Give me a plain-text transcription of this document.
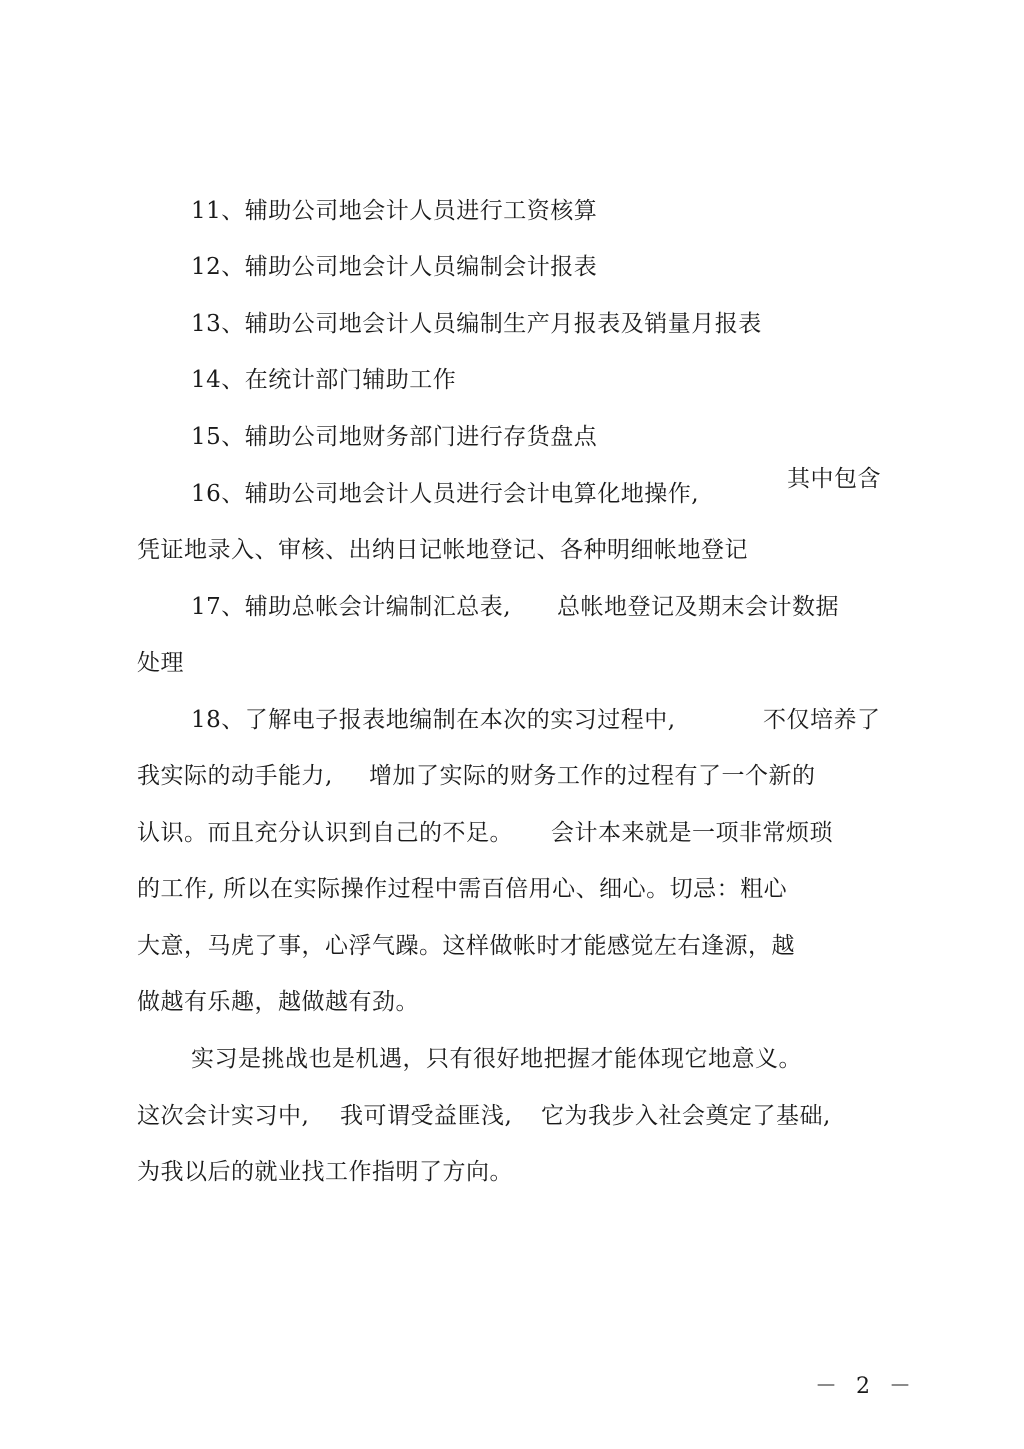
11、辅助公司地会计人员进行工资核算
12、辅助公司地会计人员编制会计报表
13、辅助公司地会计人员编制生产月报表及销量月报表
14、在统计部门辅助工作
15、辅助公司地财务部门进行存货盘点
16、辅助公司地会计人员进行会计电算化地操作,
其中包含
凭证地录入、审核、出纳日记帐地登记、各种明细帐地登记
17、辅助总帐会计编制汇总表, 总帐地登记及期末会计数据
处理
18、了解电子报表地编制在本次的实习过程中,	不仅培养了
我实际的动手能力, 增加了实际的财务工作的过程有了一个新的
认识。而且充分认识到自己的不足。 会计本来就是一项非常烦琐
的工作, 所以在实际操作过程中需百倍用心、细心。切忌：粗心
大意，马虎了事，心浮气躁。这样做帐时才能感觉左右逢源，越
做越有乐趣，越做越有劲。
实习是挑战也是机遇，只有很好地把握才能体现它地意义。
这次会计实习中, 我可谓受益匪浅, 它为我步入社会奠定了基础,
为我以后的就业找工作指明了方向。
－ 2 －
